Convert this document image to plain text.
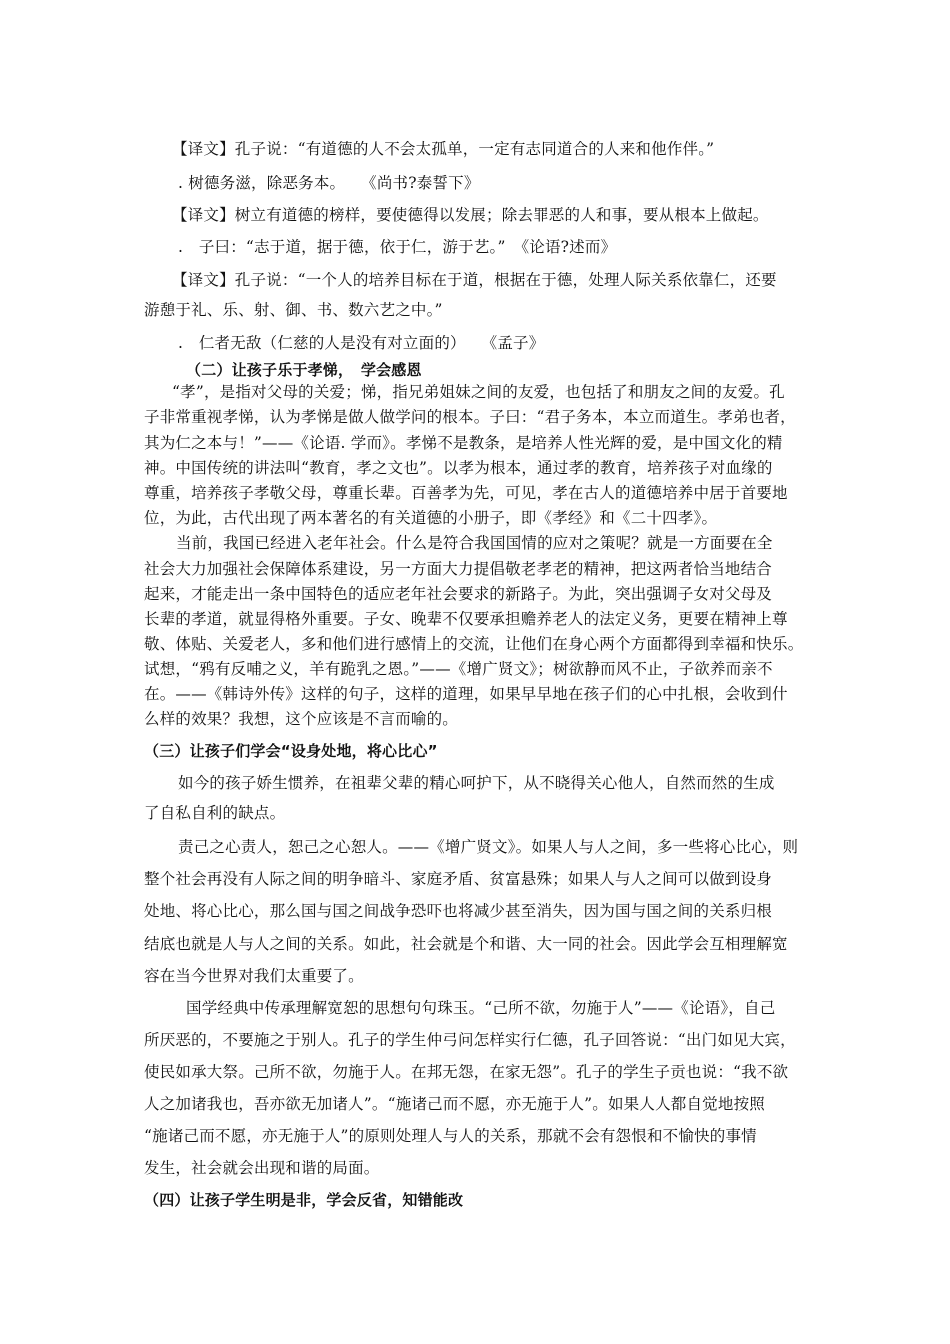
【译文】孔子说：“有道德的人不会太孤单，一定有志同道合的人来和他作伴。”
. 树德务滋，除恶务本。　　《尚书?泰誓下》
【译文】树立有道德的榜样，要使德得以发展；除去罪恶的人和事，要从根本上做起。
.　子曰：“志于道，据于德，依于仁，游于艺。”　《论语?述而》
【译文】孔子说：“一个人的培养目标在于道，根据在于德，处理人际关系依靠仁，还要
游憩于礼、乐、射、御、书、数六艺之中。”
.　仁者无敌（仁慈的人是没有对立面的）　　《孟子》
（二）让孩子乐于孝悌，　学会感恩
“孝”，是指对父母的关爱；悌，指兄弟姐妹之间的友爱，也包括了和朋友之间的友爱。孔
子非常重视孝悌，认为孝悌是做人做学问的根本。子曰：“君子务本，本立而道生。孝弟也者，
其为仁之本与！”——《论语. 学而》。孝悌不是教条，是培养人性光辉的爱，是中国文化的精
神。中国传统的讲法叫“教育，孝之文也”。以孝为根本，通过孝的教育，培养孩子对血缘的
尊重，培养孩子孝敬父母，尊重长辈。百善孝为先，可见，孝在古人的道德培养中居于首要地
位，为此，古代出现了两本著名的有关道德的小册子，即《孝经》和《二十四孝》。
当前，我国已经进入老年社会。什么是符合我国国情的应对之策呢？就是一方面要在全
社会大力加强社会保障体系建设，另一方面大力提倡敬老孝老的精神，把这两者恰当地结合
起来，才能走出一条中国特色的适应老年社会要求的新路子。为此，突出强调子女对父母及
长辈的孝道，就显得格外重要。子女、晚辈不仅要承担赡养老人的法定义务，更要在精神上尊
敬、体贴、关爱老人，多和他们进行感情上的交流，让他们在身心两个方面都得到幸福和快乐。
试想，“鸦有反哺之义，羊有跪乳之恩。”——《增广贤文》；树欲静而风不止，子欲养而亲不
在。——《韩诗外传》这样的句子，这样的道理，如果早早地在孩子们的心中扎根，会收到什
么样的效果？我想，这个应该是不言而喻的。
（三）让孩子们学会“设身处地，将心比心”
如今的孩子娇生惯养，在祖辈父辈的精心呵护下，从不晓得关心他人，自然而然的生成
了自私自利的缺点。
责己之心责人，恕己之心恕人。——《增广贤文》。如果人与人之间，多一些将心比心，则
整个社会再没有人际之间的明争暗斗、家庭矛盾、贫富悬殊；如果人与人之间可以做到设身
处地、将心比心，那么国与国之间战争恐吓也将减少甚至消失，因为国与国之间的关系归根
结底也就是人与人之间的关系。如此，社会就是个和谐、大一同的社会。因此学会互相理解宽
容在当今世界对我们太重要了。
国学经典中传承理解宽恕的思想句句珠玉。“己所不欲，勿施于人”——《论语》，自己
所厌恶的，不要施之于别人。孔子的学生仲弓问怎样实行仁德，孔子回答说：“出门如见大宾，
使民如承大祭。己所不欲，勿施于人。在邦无怨，在家无怨”。孔子的学生子贡也说：“我不欲
人之加诸我也，吾亦欲无加诸人”。“施诸己而不愿，亦无施于人”。如果人人都自觉地按照
“施诸己而不愿，亦无施于人”的原则处理人与人的关系，那就不会有怨恨和不愉快的事情
发生，社会就会出现和谐的局面。
（四）让孩子学生明是非，学会反省，知错能改
